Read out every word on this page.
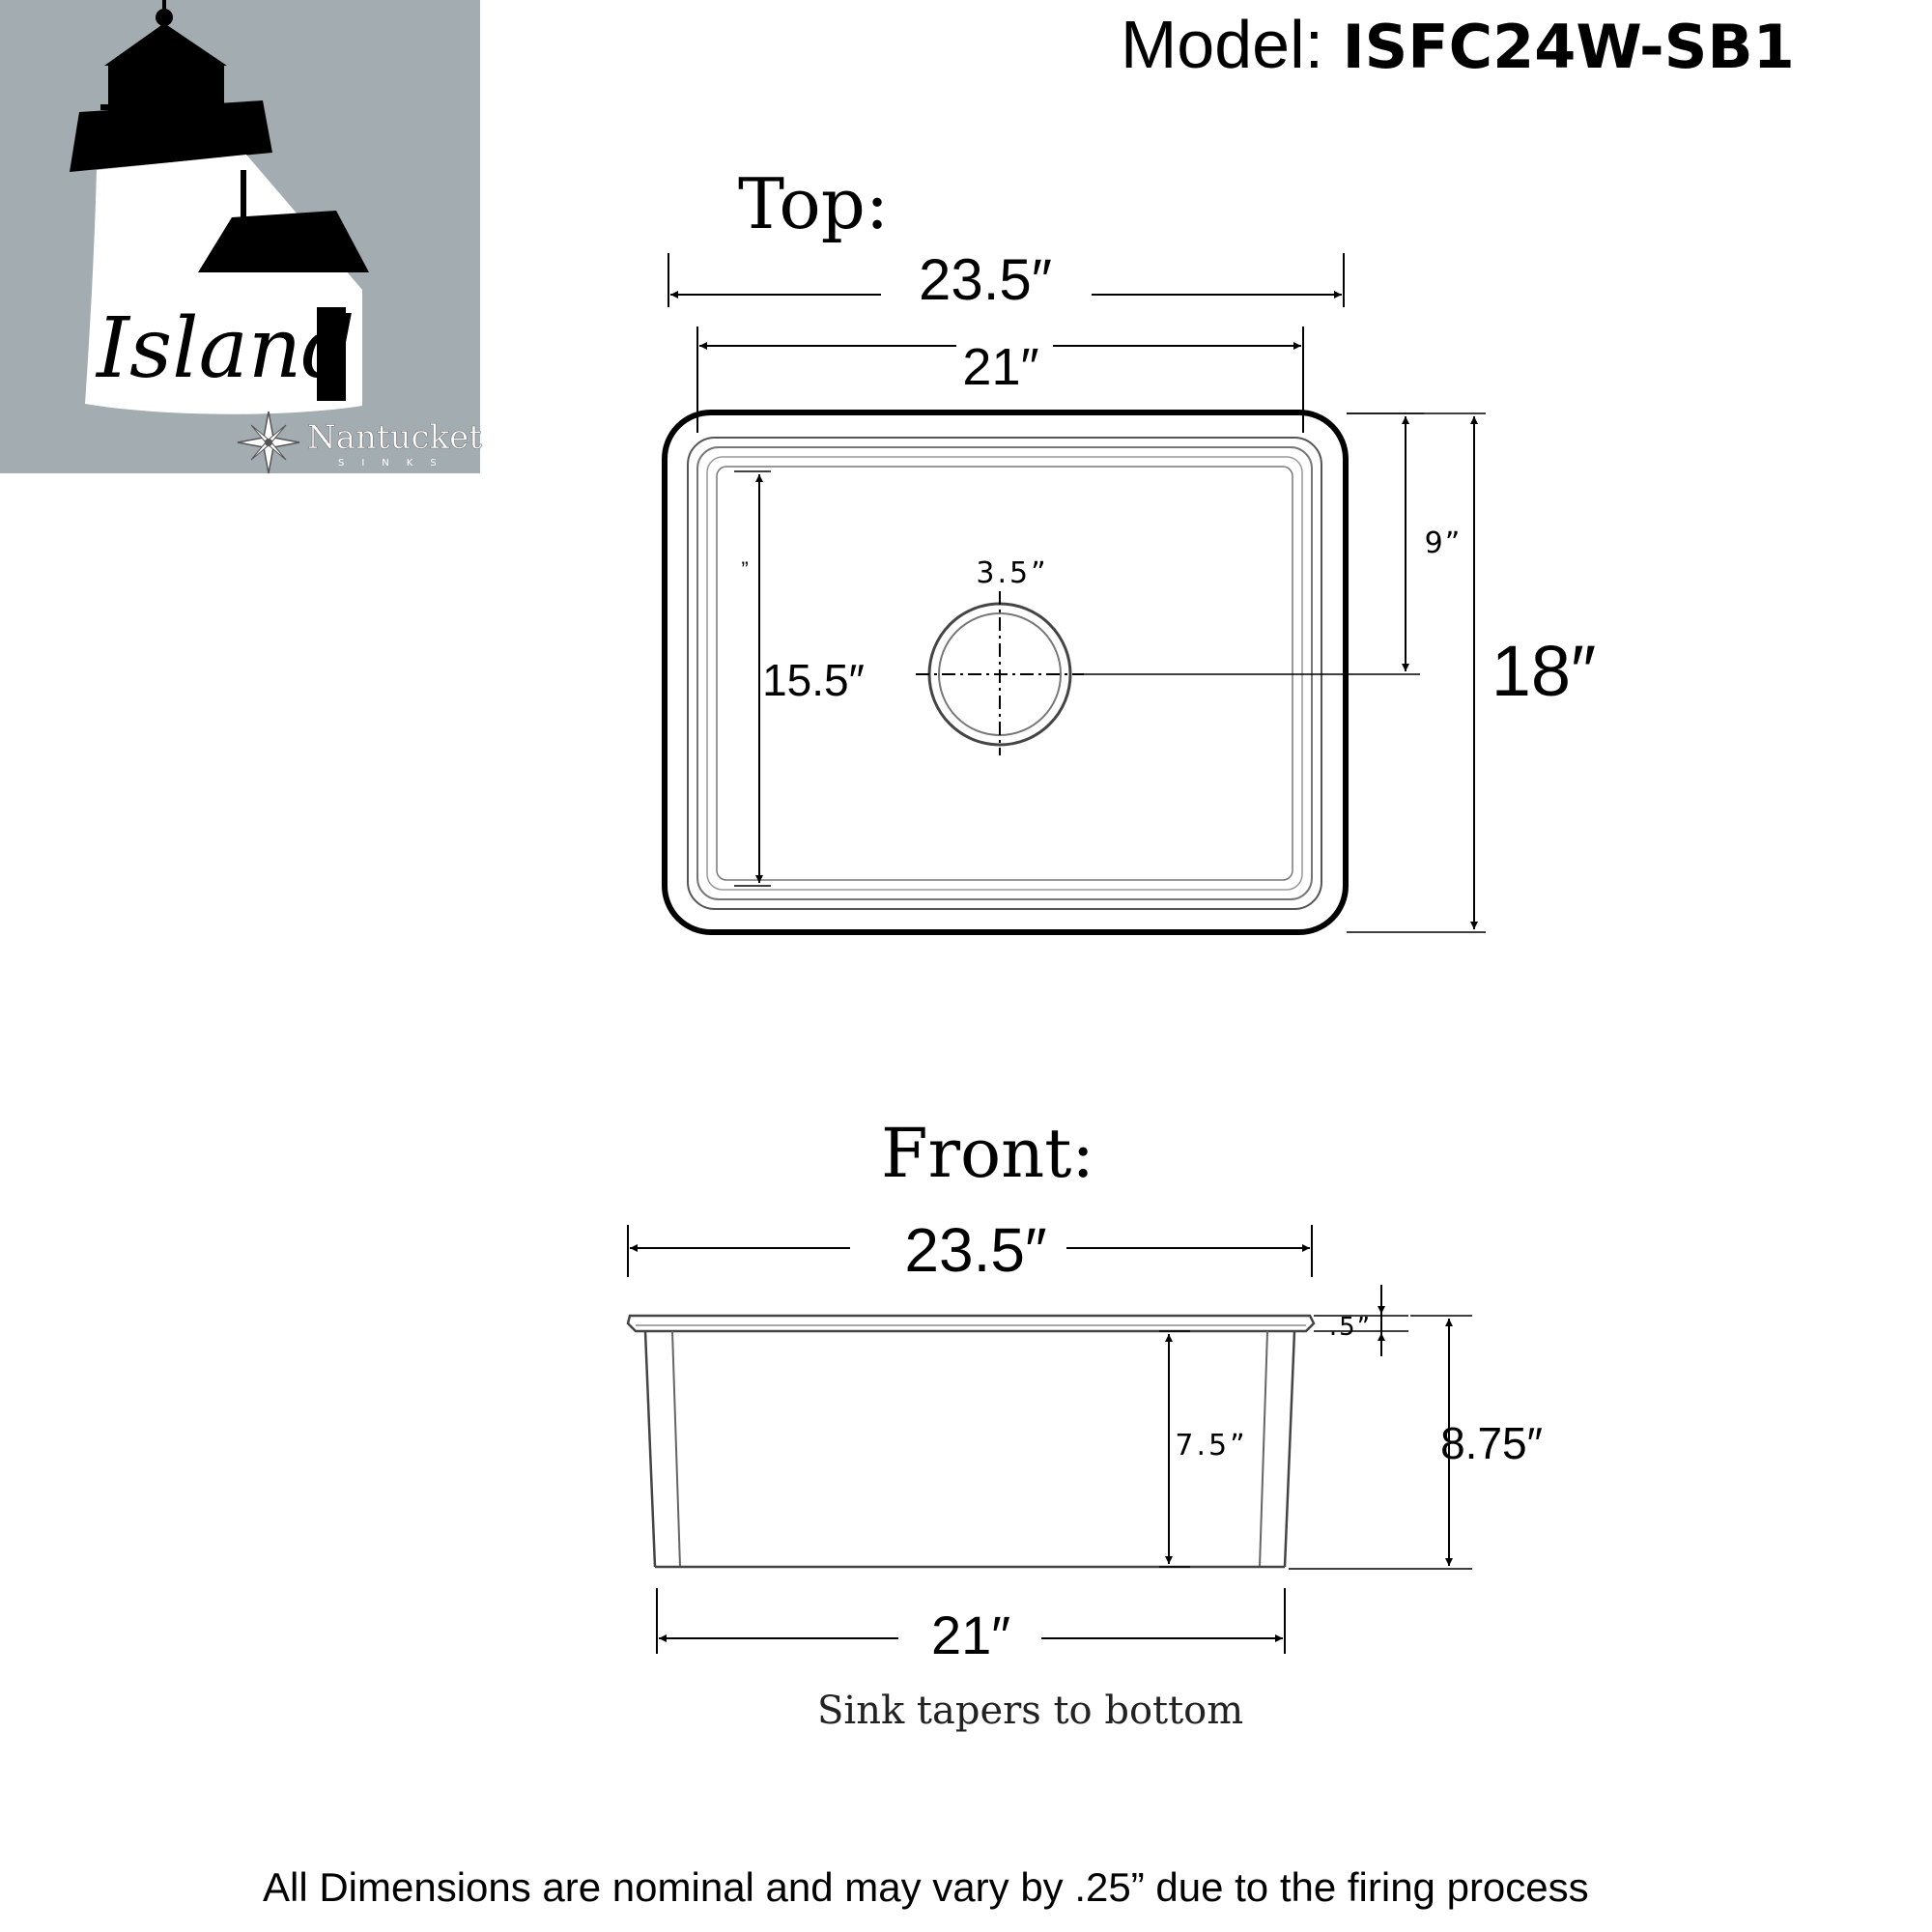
Island
Nantucket
SINKS
Top:
23.5″
21″
3.5”
9”
18″
15.5″
”
Front:
23.5″
.5”
7.5”	8.75″
21″
Model: ISFC24W-SB1
Sink tapers to bottom
All Dimensions are nominal and may vary by .25” due to the firing process
